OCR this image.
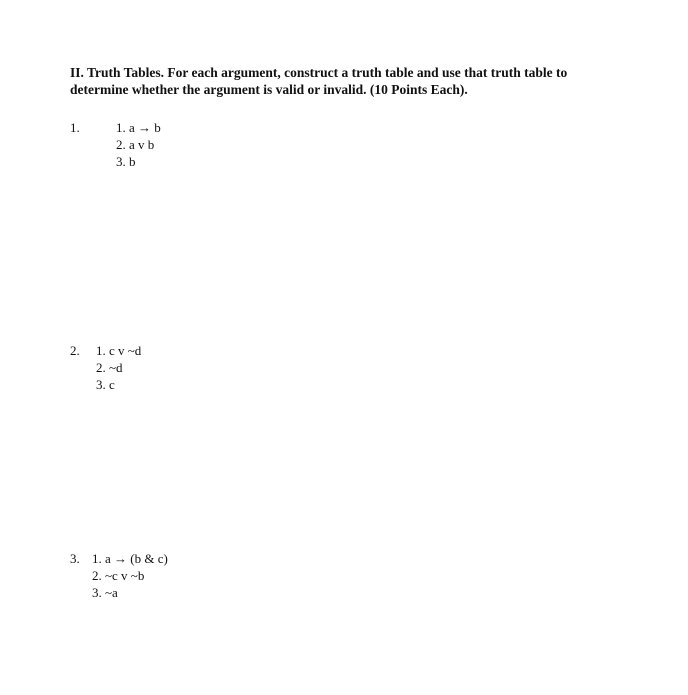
II. Truth Tables. For each argument, construct a truth table and use that truth table to
determine whether the argument is valid or invalid. (10 Points Each).
1.	1. a → b
2. a v b
3. b
2. 1. c v ~d
2. ~d
3. c
3. 1. a → (b & c)
2. ~c v ~b
3. ~a
